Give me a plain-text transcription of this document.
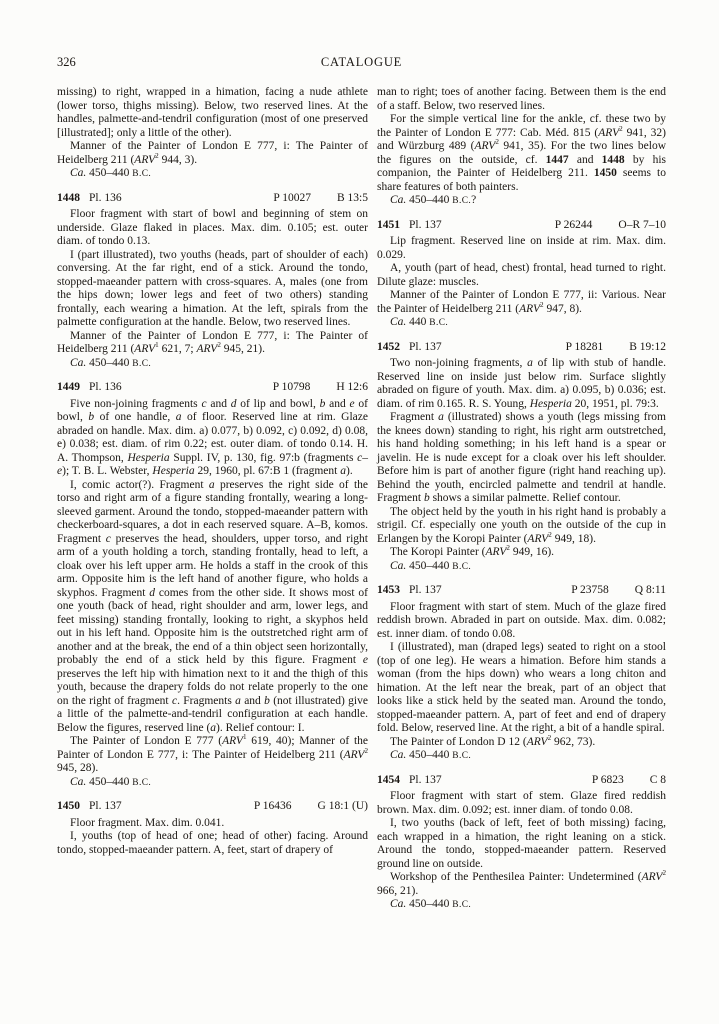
326	CATALOGUE

missing) to right, wrapped in a himation, facing a nude athlete (lower torso, thighs missing). Below, two reserved lines. At the handles, palmette-and-tendril configuration (most of one preserved [illustrated]; only a little of the other).

Manner of the Painter of London E 777, i: The Painter of Heidelberg 211 (ARV$^2$ 944, 3).

Ca. 450–440 B.C.

1448 Pl. 136	P 10027 B 13:5

Floor fragment with start of bowl and beginning of stem on underside. Glaze flaked in places. Max. dim. 0.105; est. outer diam. of tondo 0.13.

I (part illustrated), two youths (heads, part of shoulder of each) conversing. At the far right, end of a stick. Around the tondo, stopped-maeander pattern with cross-squares. A, males (one from the hips down; lower legs and feet of two others) standing frontally, each wearing a himation. At the left, spirals from the palmette configuration at the handle. Below, two reserved lines.

Manner of the Painter of London E 777, i: The Painter of Heidelberg 211 (ARV$^1$ 621, 7; ARV$^2$ 945, 21).

Ca. 450–440 B.C.

1449 Pl. 136	P 10798 H 12:6

Five non-joining fragments c and d of lip and bowl, b and e of bowl, b of one handle, a of floor. Reserved line at rim. Glaze abraded on handle. Max. dim. a) 0.077, b) 0.092, c) 0.092, d) 0.08, e) 0.038; est. diam. of rim 0.22; est. outer diam. of tondo 0.14. H. A. Thompson, Hesperia Suppl. IV, p. 130, fig. 97:b (fragments c–e); T. B. L. Webster, Hesperia 29, 1960, pl. 67:B 1 (fragment a).

I, comic actor(?). Fragment a preserves the right side of the torso and right arm of a figure standing frontally, wearing a long-sleeved garment. Around the tondo, stopped-maeander pattern with checkerboard-squares, a dot in each reserved square. A–B, komos. Fragment c preserves the head, shoulders, upper torso, and right arm of a youth holding a torch, standing frontally, head to left, a cloak over his left upper arm. He holds a staff in the crook of this arm. Opposite him is the left hand of another figure, who holds a skyphos. Fragment d comes from the other side. It shows most of one youth (back of head, right shoulder and arm, lower legs, and feet missing) standing frontally, looking to right, a skyphos held out in his left hand. Opposite him is the outstretched right arm of another and at the break, the end of a thin object seen horizontally, probably the end of a stick held by this figure. Fragment e preserves the left hip with himation next to it and the thigh of this youth, because the drapery folds do not relate properly to the one on the right of fragment c. Fragments a and b (not illustrated) give a little of the palmette-and-tendril configuration at each handle. Below the figures, reserved line (a). Relief contour: I.

The Painter of London E 777 (ARV$^1$ 619, 40); Manner of the Painter of London E 777, i: The Painter of Heidelberg 211 (ARV$^2$ 945, 28).

Ca. 450–440 B.C.

1450 Pl. 137	P 16436 G 18:1 (U)

Floor fragment. Max. dim. 0.041.

I, youths (top of head of one; head of other) facing. Around tondo, stopped-maeander pattern. A, feet, start of drapery of

man to right; toes of another facing. Between them is the end of a staff. Below, two reserved lines.

For the simple vertical line for the ankle, cf. these two by the Painter of London E 777: Cab. Méd. 815 (ARV$^2$ 941, 32) and Würzburg 489 (ARV$^2$ 941, 35). For the two lines below the figures on the outside, cf. 1447 and 1448 by his companion, the Painter of Heidelberg 211. 1450 seems to share features of both painters.

Ca. 450–440 B.C.?

1451 Pl. 137	P 26244 O–R 7–10

Lip fragment. Reserved line on inside at rim. Max. dim. 0.029.

A, youth (part of head, chest) frontal, head turned to right. Dilute glaze: muscles.

Manner of the Painter of London E 777, ii: Various. Near the Painter of Heidelberg 211 (ARV$^2$ 947, 8).

Ca. 440 B.C.

1452 Pl. 137	P 18281 B 19:12

Two non-joining fragments, a of lip with stub of handle. Reserved line on inside just below rim. Surface slightly abraded on figure of youth. Max. dim. a) 0.095, b) 0.036; est. diam. of rim 0.165. R. S. Young, Hesperia 20, 1951, pl. 79:3.

Fragment a (illustrated) shows a youth (legs missing from the knees down) standing to right, his right arm outstretched, his hand holding something; in his left hand is a spear or javelin. He is nude except for a cloak over his left shoulder. Before him is part of another figure (right hand reaching up). Behind the youth, encircled palmette and tendril at handle. Fragment b shows a similar palmette. Relief contour.

The object held by the youth in his right hand is probably a strigil. Cf. especially one youth on the outside of the cup in Erlangen by the Koropi Painter (ARV$^2$ 949, 18).

The Koropi Painter (ARV$^2$ 949, 16).

Ca. 450–440 B.C.

1453 Pl. 137	P 23758 Q 8:11

Floor fragment with start of stem. Much of the glaze fired reddish brown. Abraded in part on outside. Max. dim. 0.082; est. inner diam. of tondo 0.08.

I (illustrated), man (draped legs) seated to right on a stool (top of one leg). He wears a himation. Before him stands a woman (from the hips down) who wears a long chiton and himation. At the left near the break, part of an object that looks like a stick held by the seated man. Around the tondo, stopped-maeander pattern. A, part of feet and end of drapery fold. Below, reserved line. At the right, a bit of a handle spiral.

The Painter of London D 12 (ARV$^2$ 962, 73).

Ca. 450–440 B.C.

1454 Pl. 137	P 6823 C 8

Floor fragment with start of stem. Glaze fired reddish brown. Max. dim. 0.092; est. inner diam. of tondo 0.08.

I, two youths (back of left, feet of both missing) facing, each wrapped in a himation, the right leaning on a stick. Around the tondo, stopped-maeander pattern. Reserved ground line on outside.

Workshop of the Penthesilea Painter: Undetermined (ARV$^2$ 966, 21).

Ca. 450–440 B.C.
